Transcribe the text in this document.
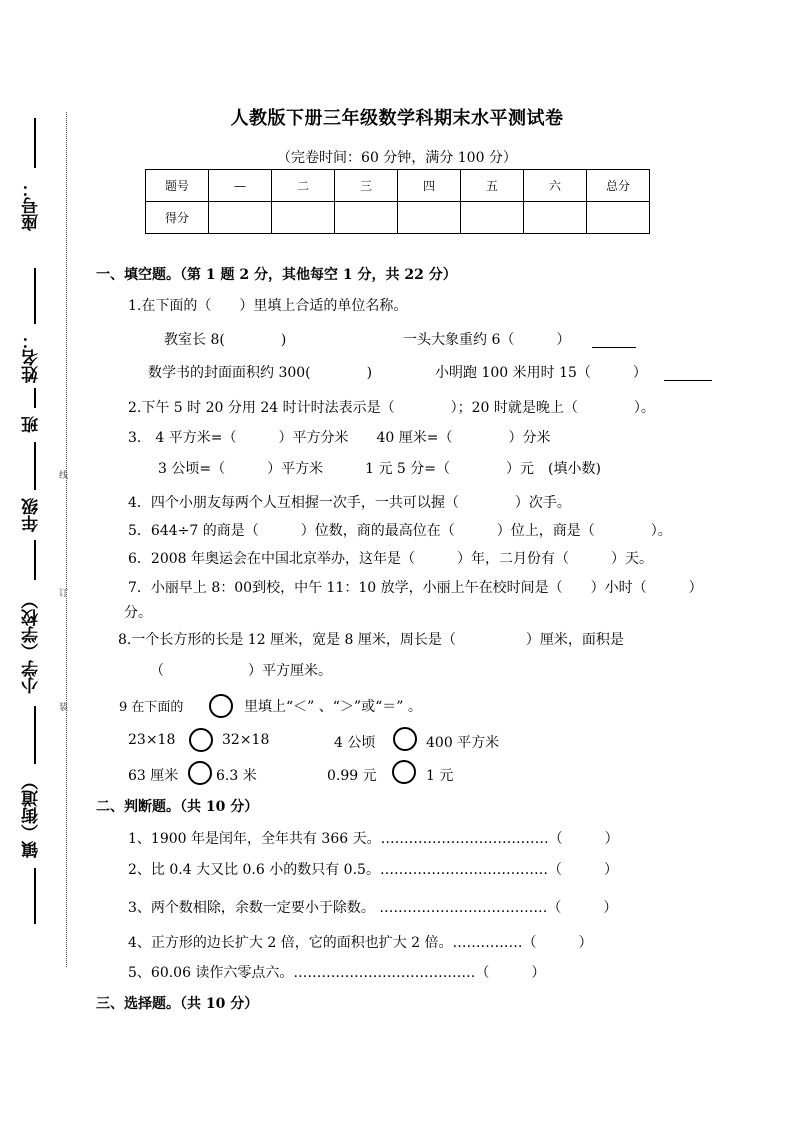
座号：
姓名：
班
年级
小学（学校）
镇（街道）
线
订
装
人教版下册三年级数学科期末水平测试卷
（完卷时间：60 分钟，满分 100 分）
题号	—	二	三	四	五	六	总分
得分							
一、填空题。（第 1 题 2 分，其他每空 1 分，共 22 分）
1.在下面的（　　）里填上合适的单位名称。
教室长 8(　　　　)	一头大象重约 6（　　　）
数学书的封面面积约 300(　　　　)	小明跑 100 米用时 15（　　　）
2.下午 5 时 20 分用 24 时计时法表示是（　　　　）；20 时就是晚上（　　　　）。
3.　4 平方米=（　　　）平方分米　　40 厘米=（　　　　）分米
3 公顷=（　　　）平方米　　　1 元 5 分=（　　　　）元　(填小数)
4．四个小朋友每两个人互相握一次手，一共可以握（　　　　）次手。
5．644÷7 的商是（　　　）位数，商的最高位在（　　　）位上，商是（　　　　）。
6．2008 年奥运会在中国北京举办，这年是（　　　）年，二月份有（　　　）天。
7．小丽早上 8：00到校，中午 11：10 放学，小丽上午在校时间是（　　）小时（　　　）
分。
8.一个长方形的长是 12 厘米，宽是 8 厘米，周长是（　　　　　）厘米，面积是
（　　　　　　）平方厘米。
9 在下面的	里填上“＜” 、“＞”或“＝” 。
23×18	32×18	4 公顷	400 平方米
63 厘米	6.3 米	0.99 元	1 元
二、判断题。（共 10 分）
1、1900 年是闰年，全年共有 366 天。………………………………（　　　）
2、比 0.4 大又比 0.6 小的数只有 0.5。………………………………（　　　）
3、两个数相除，余数一定要小于除数。 ………………………………（　　　）
4、正方形的边长扩大 2 倍，它的面积也扩大 2 倍。……………（　　　）
5、60.06 读作六零点六。…………………………………（　　　）
三、选择题。（共 10 分）
